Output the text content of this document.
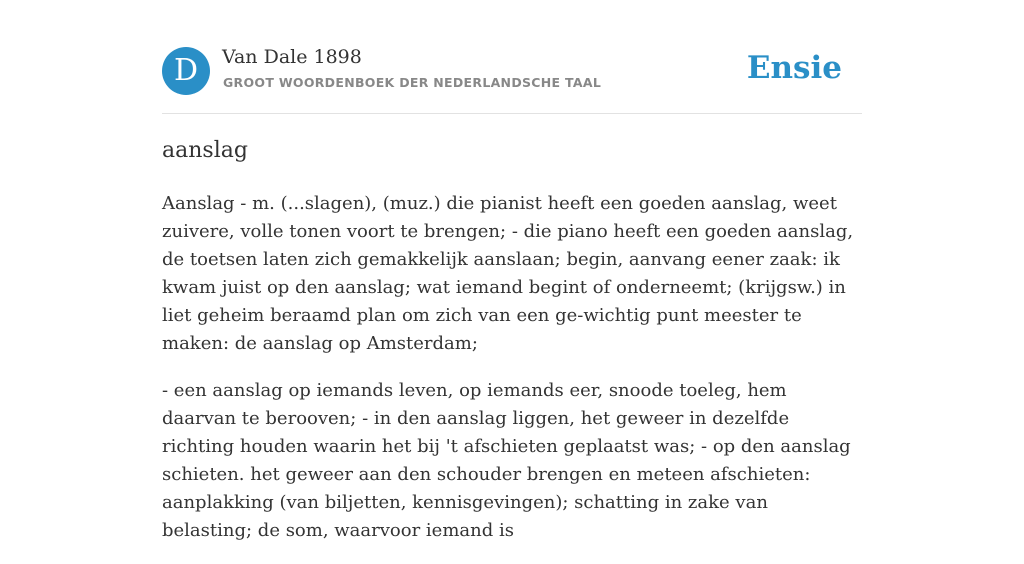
D	Van Dale 1898
GROOT WOORDENBOEK DER NEDERLANDSCHE TAAL	Ensie
aanslag

Aanslag - m. (...slagen), (muz.) die pianist heeft een goeden aanslag, weet zuivere, volle tonen voort te brengen; - die piano heeft een goeden aanslag, de toetsen laten zich gemakkelijk aanslaan; begin, aanvang eener zaak: ik kwam juist op den aanslag; wat iemand begint of onderneemt; (krijgsw.) in liet geheim beraamd plan om zich van een ge-wichtig punt meester te maken: de aanslag op Amsterdam;

- een aanslag op iemands leven, op iemands eer, snoode toeleg, hem daarvan te berooven; - in den aanslag liggen, het geweer in dezelfde richting houden waarin het bij 't afschieten geplaatst was; - op den aanslag schieten. het geweer aan den schouder brengen en meteen afschieten: aanplakking (van biljetten, kennisgevingen); schatting in zake van belasting; de som, waarvoor iemand is
